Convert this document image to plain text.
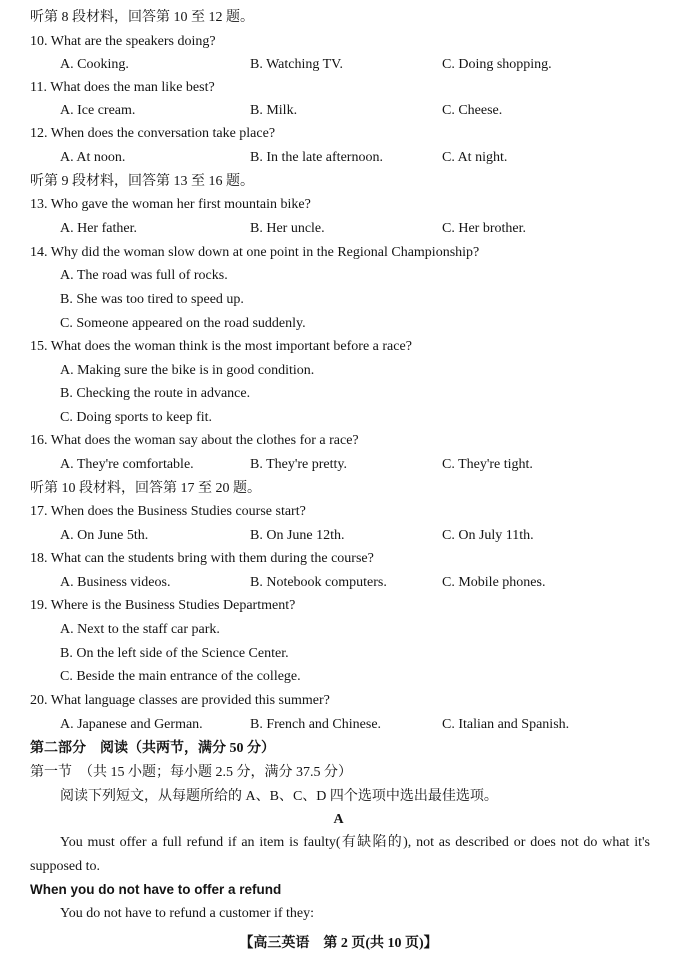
听第 8 段材料，回答第 10 至 12 题。
10. What are the speakers doing?
A. Cooking.	B. Watching TV.	C. Doing shopping.
11. What does the man like best?
A. Ice cream.	B. Milk.	C. Cheese.
12. When does the conversation take place?
A. At noon.	B. In the late afternoon.	C. At night.
听第 9 段材料，回答第 13 至 16 题。
13. Who gave the woman her first mountain bike?
A. Her father.	B. Her uncle.	C. Her brother.
14. Why did the woman slow down at one point in the Regional Championship?
A. The road was full of rocks.
B. She was too tired to speed up.
C. Someone appeared on the road suddenly.
15. What does the woman think is the most important before a race?
A. Making sure the bike is in good condition.
B. Checking the route in advance.
C. Doing sports to keep fit.
16. What does the woman say about the clothes for a race?
A. They're comfortable.	B. They're pretty.	C. They're tight.
听第 10 段材料，回答第 17 至 20 题。
17. When does the Business Studies course start?
A. On June 5th.	B. On June 12th.	C. On July 11th.
18. What can the students bring with them during the course?
A. Business videos.	B. Notebook computers.	C. Mobile phones.
19. Where is the Business Studies Department?
A. Next to the staff car park.
B. On the left side of the Science Center.
C. Beside the main entrance of the college.
20. What language classes are provided this summer?
A. Japanese and German.	B. French and Chinese.	C. Italian and Spanish.
第二部分　阅读（共两节，满分 50 分）
第一节　（共 15 小题；每小题 2.5 分，满分 37.5 分）
阅读下列短文，从每题所给的 A、B、C、D 四个选项中选出最佳选项。
A
You must offer a full refund if an item is faulty(有缺陷的), not as described or does not do what it's supposed to.
When you do not have to offer a refund
You do not have to refund a customer if they:
【高三英语　第 2 页(共 10 页)】
